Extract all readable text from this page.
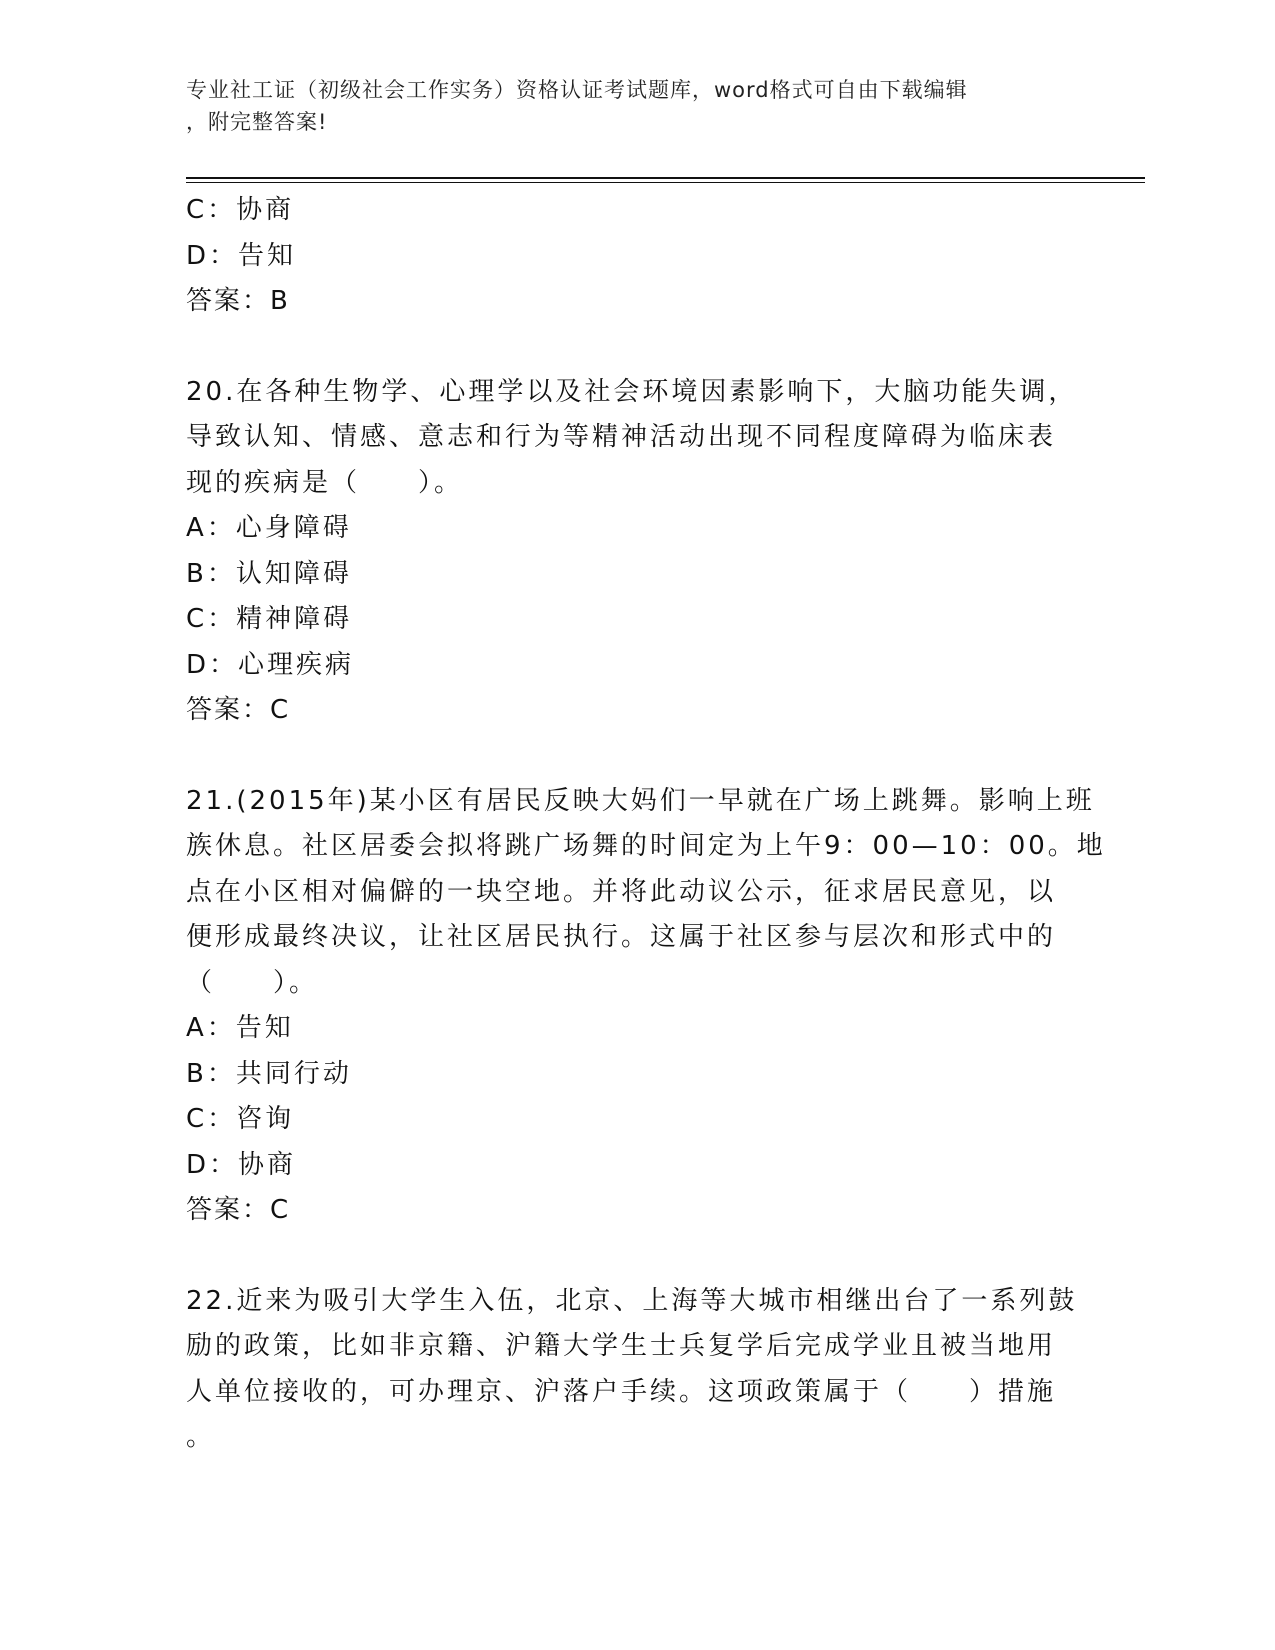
专业社工证（初级社会工作实务）资格认证考试题库，word格式可自由下载编辑
，附完整答案!
C：协商
D：告知
答案：B
20.在各种生物学、心理学以及社会环境因素影响下，大脑功能失调，
导致认知、情感、意志和行为等精神活动出现不同程度障碍为临床表
现的疾病是（　　）。
A：心身障碍
B：认知障碍
C：精神障碍
D：心理疾病
答案：C
21.(2015年)某小区有居民反映大妈们一早就在广场上跳舞。影响上班
族休息。社区居委会拟将跳广场舞的时间定为上午9：00—10：00。地
点在小区相对偏僻的一块空地。并将此动议公示，征求居民意见，以
便形成最终决议，让社区居民执行。这属于社区参与层次和形式中的
（　　）。
A：告知
B：共同行动
C：咨询
D：协商
答案：C
22.近来为吸引大学生入伍，北京、上海等大城市相继出台了一系列鼓
励的政策，比如非京籍、沪籍大学生士兵复学后完成学业且被当地用
人单位接收的，可办理京、沪落户手续。这项政策属于（　　）措施
。
